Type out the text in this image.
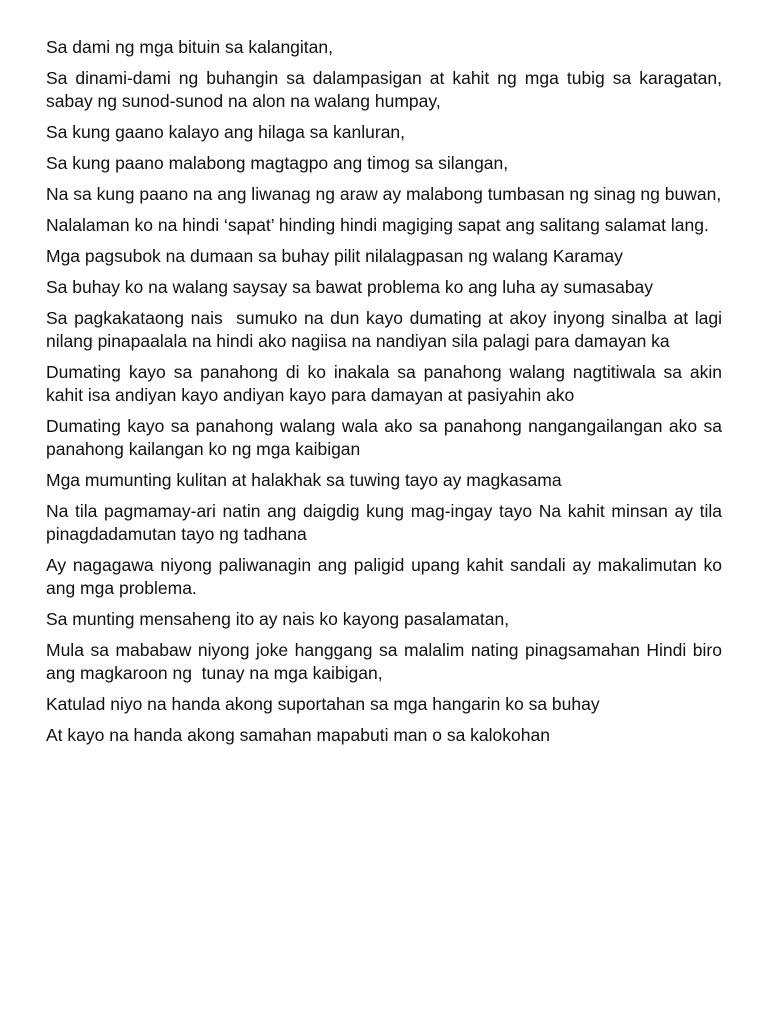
Sa dami ng mga bituin sa kalangitan,

Sa dinami-dami ng buhangin sa dalampasigan at kahit ng mga tubig sa karagatan, sabay ng sunod-sunod na alon na walang humpay,

Sa kung gaano kalayo ang hilaga sa kanluran,

Sa kung paano malabong magtagpo ang timog sa silangan,

Na sa kung paano na ang liwanag ng araw ay malabong tumbasan ng sinag ng buwan,

Nalalaman ko na hindi ‘sapat’ hinding hindi magiging sapat ang salitang salamat lang.

Mga pagsubok na dumaan sa buhay pilit nilalagpasan ng walang Karamay

Sa buhay ko na walang saysay sa bawat problema ko ang luha ay sumasabay

Sa pagkakataong nais  sumuko na dun kayo dumating at akoy inyong sinalba at lagi nilang pinapaalala na hindi ako nagiisa na nandiyan sila palagi para damayan ka

Dumating kayo sa panahong di ko inakala sa panahong walang nagtitiwala sa akin kahit isa andiyan kayo andiyan kayo para damayan at pasiyahin ako

Dumating kayo sa panahong walang wala ako sa panahong nangangailangan ako sa panahong kailangan ko ng mga kaibigan

Mga mumunting kulitan at halakhak sa tuwing tayo ay magkasama

Na tila pagmamay-ari natin ang daigdig kung mag-ingay tayo Na kahit minsan ay tila pinagdadamutan tayo ng tadhana

Ay nagagawa niyong paliwanagin ang paligid upang kahit sandali ay makalimutan ko ang mga problema.

Sa munting mensaheng ito ay nais ko kayong pasalamatan,

Mula sa mababaw niyong joke hanggang sa malalim nating pinagsamahan Hindi biro ang magkaroon ng  tunay na mga kaibigan,

Katulad niyo na handa akong suportahan sa mga hangarin ko sa buhay

At kayo na handa akong samahan mapabuti man o sa kalokohan
